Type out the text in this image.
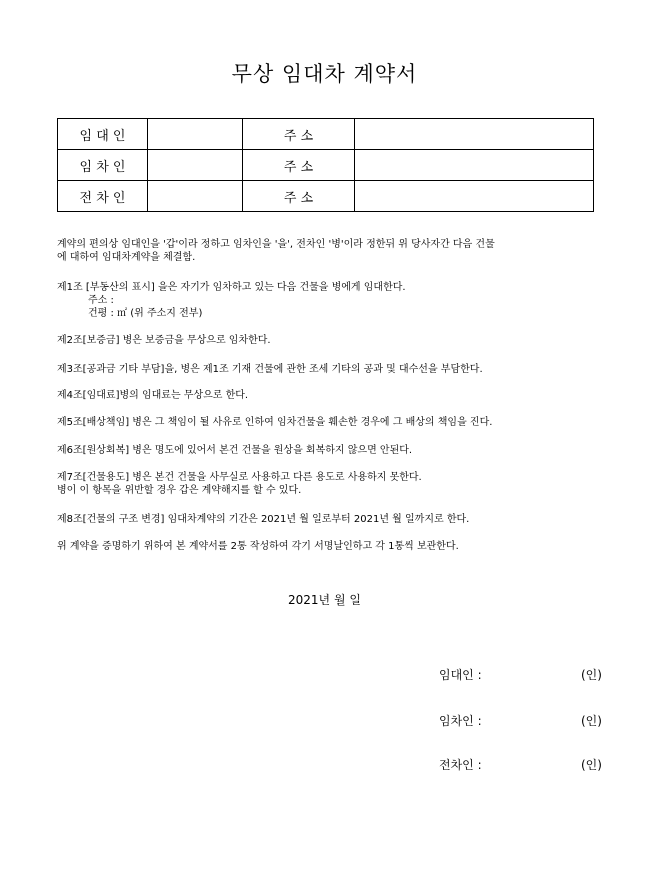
무상 임대차 계약서
임 대 인		주 소	
임 차 인		주 소	
전 차 인		주 소	
계약의 편의상 임대인을 '갑'이라 정하고 임차인을 '을', 전차인 '병'이라 정한뒤 위 당사자간 다음 건물
에 대하여 임대차계약을 체결함.
제1조 [부동산의 표시] 을은 자기가 임차하고 있는 다음 건물을 병에게 임대한다.
주소 :
건평 : ㎡ (위 주소지 전부)
제2조[보증금] 병은 보증금을 무상으로 임차한다.
제3조[공과금 기타 부담]을, 병은 제1조 기재 건물에 관한 조세 기타의 공과 및 대수선을 부담한다.
제4조[임대료]병의 임대료는 무상으로 한다.
제5조[배상책임] 병은 그 책임이 될 사유로 인하여 임차건물을 훼손한 경우에 그 배상의 책임을 진다.
제6조[원상회복] 병은 명도에 있어서 본건 건물을 원상을 회복하지 않으면 안된다.
제7조[건물용도] 병은 본건 건물을 사무실로 사용하고 다른 용도로 사용하지 못한다.
병이 이 항목을 위반할 경우 갑은 계약해지를 할 수 있다.
제8조[건물의 구조 변경] 임대차계약의 기간은 2021년 월 일로부터 2021년 월 일까지로 한다.
위 계약을 증명하기 위하여 본 계약서를 2통 작성하여 각기 서명날인하고 각 1통씩 보관한다.
2021년 월 일
임대인 :	(인)
임차인 :	(인)
전차인 :	(인)
